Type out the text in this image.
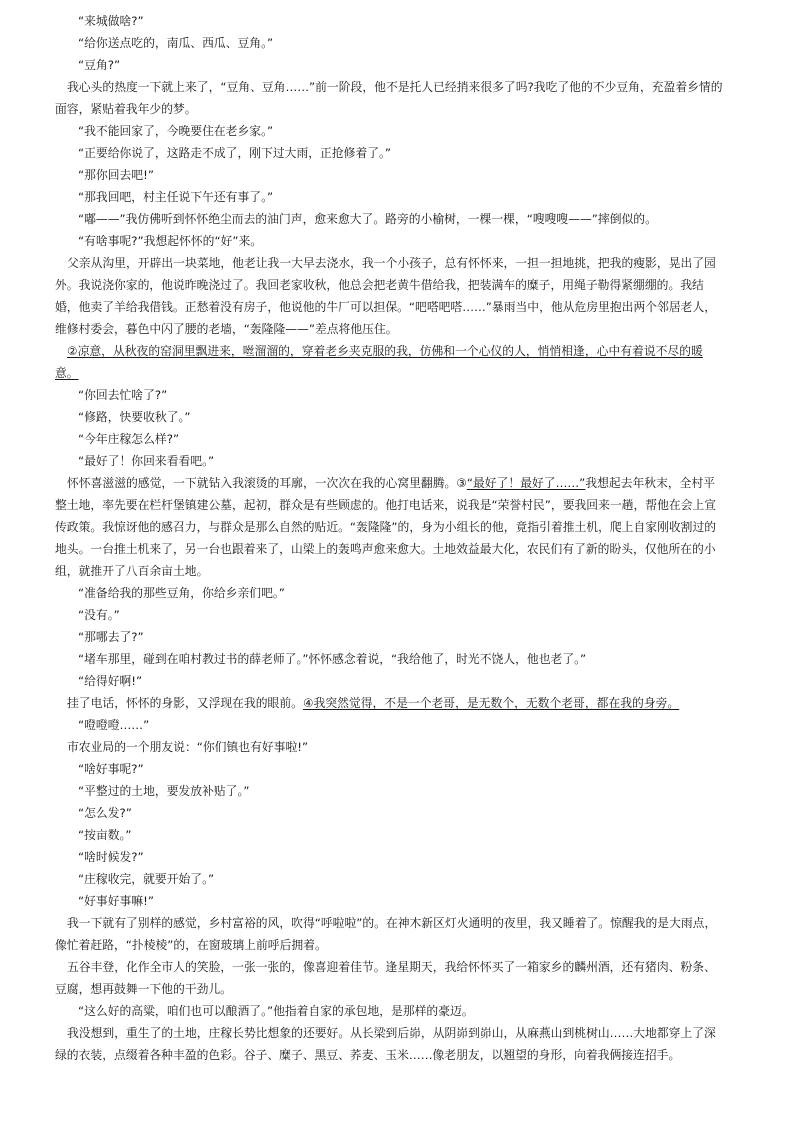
“来城做啥?”

“给你送点吃的，南瓜、西瓜、豆角。”

“豆角?”

我心头的热度一下就上来了，“豆角、豆角……”前一阶段，他不是托人已经捎来很多了吗?我吃了他的不少豆角，充盈着乡情的面容，紧贴着我年少的梦。

“我不能回家了，今晚要住在老乡家。”

“正要给你说了，这路走不成了，刚下过大雨，正抢修着了。”

“那你回去吧!”

“那我回吧，村主任说下午还有事了。”

“嘟——”我仿佛听到怀怀绝尘而去的油门声，愈来愈大了。路旁的小榆树，一棵一棵，“嗖嗖嗖——”摔倒似的。

“有啥事呢?”我想起怀怀的“好”来。

父亲从沟里，开辟出一块菜地，他老让我一大早去浇水，我一个小孩子，总有怀怀来，一担一担地挑，把我的瘦影，晃出了园外。我说浇你家的，他说昨晚浇过了。我回老家收秋，他总会把老黄牛借给我，把装满车的糜子，用绳子勒得紧绷绷的。我结婚，他卖了羊给我借钱。正愁着没有房子，他说他的牛厂可以担保。“吧嗒吧嗒……”暴雨当中，他从危房里抱出两个邻居老人，维修村委会，暮色中闪了腰的老墙，“轰隆隆——”差点将他压住。

②凉意，从秋夜的窑洞里飘进来，咝溜溜的，穿着老乡夹克服的我，仿佛和一个心仪的人，悄悄相逢，心中有着说不尽的暖意。

“你回去忙啥了?”

“修路，快要收秋了。”

“今年庄稼怎么样?”

“最好了！你回来看看吧。”

怀怀喜滋滋的感觉，一下就钻入我滚烫的耳廓，一次次在我的心窝里翻腾。③“最好了！最好了……”我想起去年秋末，全村平整土地，率先要在栏杆堡镇建公墓，起初，群众是有些顾虑的。他打电话来，说我是“荣誉村民”，要我回来一趟，帮他在会上宣传政策。我惊讶他的感召力，与群众是那么自然的贴近。“轰隆隆”的，身为小组长的他，竟指引着推土机，爬上自家刚收割过的地头。一台推土机来了，另一台也跟着来了，山梁上的轰鸣声愈来愈大。土地效益最大化，农民们有了新的盼头，仅他所在的小组，就推开了八百余亩土地。

“准备给我的那些豆角，你给乡亲们吧。”

“没有。”

“那哪去了?”

“堵车那里，碰到在咱村教过书的薛老师了。”怀怀感念着说，“我给他了，时光不饶人，他也老了。”

“给得好啊!”

挂了电话，怀怀的身影，又浮现在我的眼前。④我突然觉得，不是一个老哥，是无数个，无数个老哥，都在我的身旁。

“噔噔噔……”

市农业局的一个朋友说：“你们镇也有好事啦!”

“啥好事呢?”

“平整过的土地，要发放补贴了。”

“怎么发?”

“按亩数。”

“啥时候发?”

“庄稼收完，就要开始了。”

“好事好事嘛!”

我一下就有了别样的感觉，乡村富裕的风，吹得“呼啦啦”的。在神木新区灯火通明的夜里，我又睡着了。惊醒我的是大雨点，像忙着赶路，“扑棱棱”的，在窗玻璃上前呼后拥着。

五谷丰登，化作全市人的笑脸，一张一张的，像喜迎着佳节。逢星期天，我给怀怀买了一箱家乡的麟州酒，还有猪肉、粉条、豆腐，想再鼓舞一下他的干劲儿。

“这么好的高粱，咱们也可以酿酒了。”他指着自家的承包地，是那样的豪迈。

我没想到，重生了的土地，庄稼长势比想象的还要好。从长梁到后峁，从阴峁到峁山，从麻燕山到桃树山……大地都穿上了深绿的衣装，点缀着各种丰盈的色彩。谷子、糜子、黑豆、荞麦、玉米……像老朋友，以翘望的身形，向着我俩接连招手。
